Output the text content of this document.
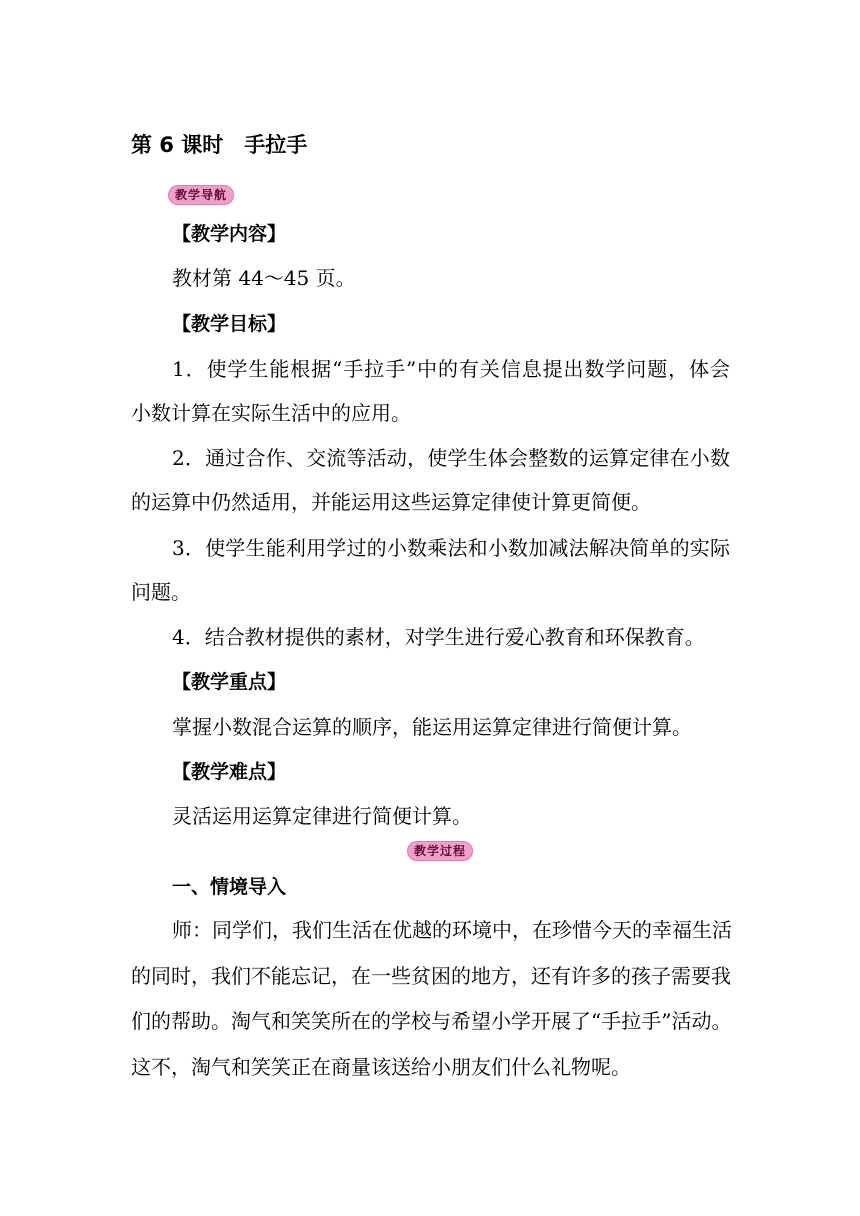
第 6 课时　手拉手
教学导航
【教学内容】
教材第 44～45 页。
【教学目标】
1．使学生能根据“手拉手”中的有关信息提出数学问题，体会
小数计算在实际生活中的应用。
2．通过合作、交流等活动，使学生体会整数的运算定律在小数
的运算中仍然适用，并能运用这些运算定律使计算更简便。
3．使学生能利用学过的小数乘法和小数加减法解决简单的实际
问题。
4．结合教材提供的素材，对学生进行爱心教育和环保教育。
【教学重点】
掌握小数混合运算的顺序，能运用运算定律进行简便计算。
【教学难点】
灵活运用运算定律进行简便计算。
教学过程
一、情境导入
师：同学们，我们生活在优越的环境中，在珍惜今天的幸福生活
的同时，我们不能忘记，在一些贫困的地方，还有许多的孩子需要我
们的帮助。淘气和笑笑所在的学校与希望小学开展了“手拉手”活动。
这不，淘气和笑笑正在商量该送给小朋友们什么礼物呢。
